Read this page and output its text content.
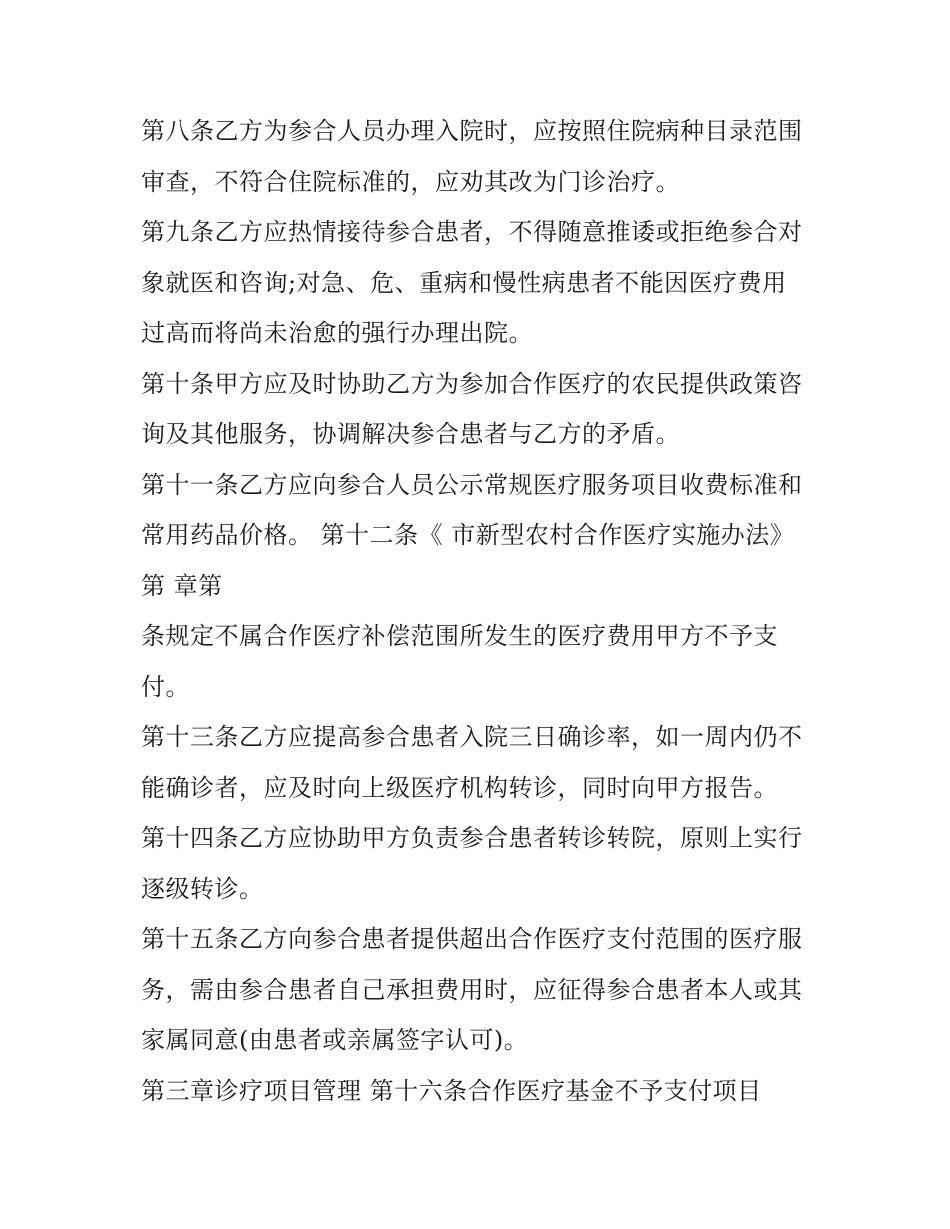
第八条乙方为参合人员办理入院时，应按照住院病种目录范围
审查，不符合住院标准的，应劝其改为门诊治疗。
第九条乙方应热情接待参合患者，不得随意推诿或拒绝参合对
象就医和咨询;对急、危、重病和慢性病患者不能因医疗费用
过高而将尚未治愈的强行办理出院。
第十条甲方应及时协助乙方为参加合作医疗的农民提供政策咨
询及其他服务，协调解决参合患者与乙方的矛盾。
第十一条乙方应向参合人员公示常规医疗服务项目收费标准和
常用药品价格。 第十二条《 市新型农村合作医疗实施办法》
第 章第
条规定不属合作医疗补偿范围所发生的医疗费用甲方不予支
付。
第十三条乙方应提高参合患者入院三日确诊率，如一周内仍不
能确诊者，应及时向上级医疗机构转诊，同时向甲方报告。
第十四条乙方应协助甲方负责参合患者转诊转院，原则上实行
逐级转诊。
第十五条乙方向参合患者提供超出合作医疗支付范围的医疗服
务，需由参合患者自己承担费用时，应征得参合患者本人或其
家属同意(由患者或亲属签字认可)。
第三章诊疗项目管理 第十六条合作医疗基金不予支付项目
